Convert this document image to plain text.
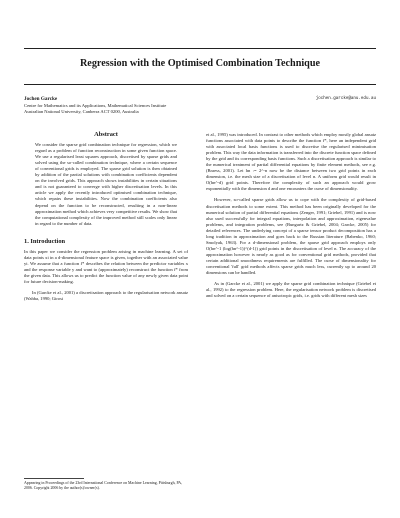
Regression with the Optimised Combination Technique
Jochen Garcke	jochen.garcke@anu.edu.au
Centre for Mathematics and its Applications, Mathematical Sciences Institute
Australian National University, Canberra ACT 0200, Australia
Abstract

We consider the sparse grid combination technique for regression, which we regard as a problem of function reconstruction in some given function space. We use a regularised least squares approach, discretised by sparse grids and solved using the so-called combination technique, where a certain sequence of conventional grids is employed. The sparse grid solution is then obtained by addition of the partial solutions with combination coefficients dependent on the involved grids. This approach shows instabilities in certain situations and is not guaranteed to converge with higher discretisation levels. In this article we apply the recently introduced optimised combination technique, which repairs these instabilities. Now the combination coefficients also depend on the function to be reconstructed, resulting in a non-linear approximation method which achieves very competitive results. We show that the computational complexity of the improved method still scales only linear in regard to the number of data.

1. Introduction

In this paper we consider the regression problem arising in machine learning. A set of data points xi in a d-dimensional feature space is given, together with an associated value yi. We assume that a function f* describes the relation between the predictor variables x and the response variable y and want to (approximately) reconstruct the function f* from the given data. This allows us to predict the function value of any newly given data point for future decision-making.

In (Garcke et al., 2001) a discretisation approach to the regularisation network ansatz (Wahba, 1990; Girosi

Appearing in Proceedings of the 23rd International Conference on Machine Learning, Pittsburgh, PA, 2006. Copyright 2006 by the author(s)/owner(s).

et al., 1995) was introduced. In contrast to other methods which employ mostly global ansatz functions associated with data points to describe the function f*, here an independent grid with associated local basis functions is used to discretise the regularised minimisation problem. This way the data information is transferred into the discrete function space defined by the grid and its corresponding basis functions. Such a discretisation approach is similar to the numerical treatment of partial differential equations by finite element methods, see e.g. (Braess, 2001). Let hn := 2^-n now be the distance between two grid points in each dimension, i.e. the mesh size of a discretisation of level n. A uniform grid would result in O(hn^-d) grid points. Therefore the complexity of such an approach would grow exponentially with the dimension d and one encounters the curse of dimensionality.

However, so-called sparse grids allow us to cope with the complexity of grid-based discretisation methods to some extent. This method has been originally developed for the numerical solution of partial differential equations (Zenger, 1991; Griebel, 1991) and is now also used successfully for integral equations, interpolation and approximation, eigenvalue problems, and integration problems, see (Bungartz & Griebel, 2004; Garcke, 2005) for detailed references. The underlying concept of a sparse tensor product decomposition has a long tradition in approximation and goes back to the Russian literature (Babenko, 1960; Smolyak, 1963). For a d-dimensional problem, the sparse grid approach employs only O(hn^-1 (log(hn^-1))^(d-1)) grid points in the discretisation of level n. The accuracy of the approximation however is nearly as good as for conventional grid methods, provided that certain additional smoothness requirements are fulfilled. The curse of dimensionality for conventional 'full' grid methods affects sparse grids much less, currently up to around 20 dimensions can be handled.

As in (Garcke et al., 2001) we apply the sparse grid combination technique (Griebel et al., 1992) to the regression problem. Here, the regularisation network problem is discretised and solved on a certain sequence of anisotropic grids, i.e. grids with different mesh sizes
